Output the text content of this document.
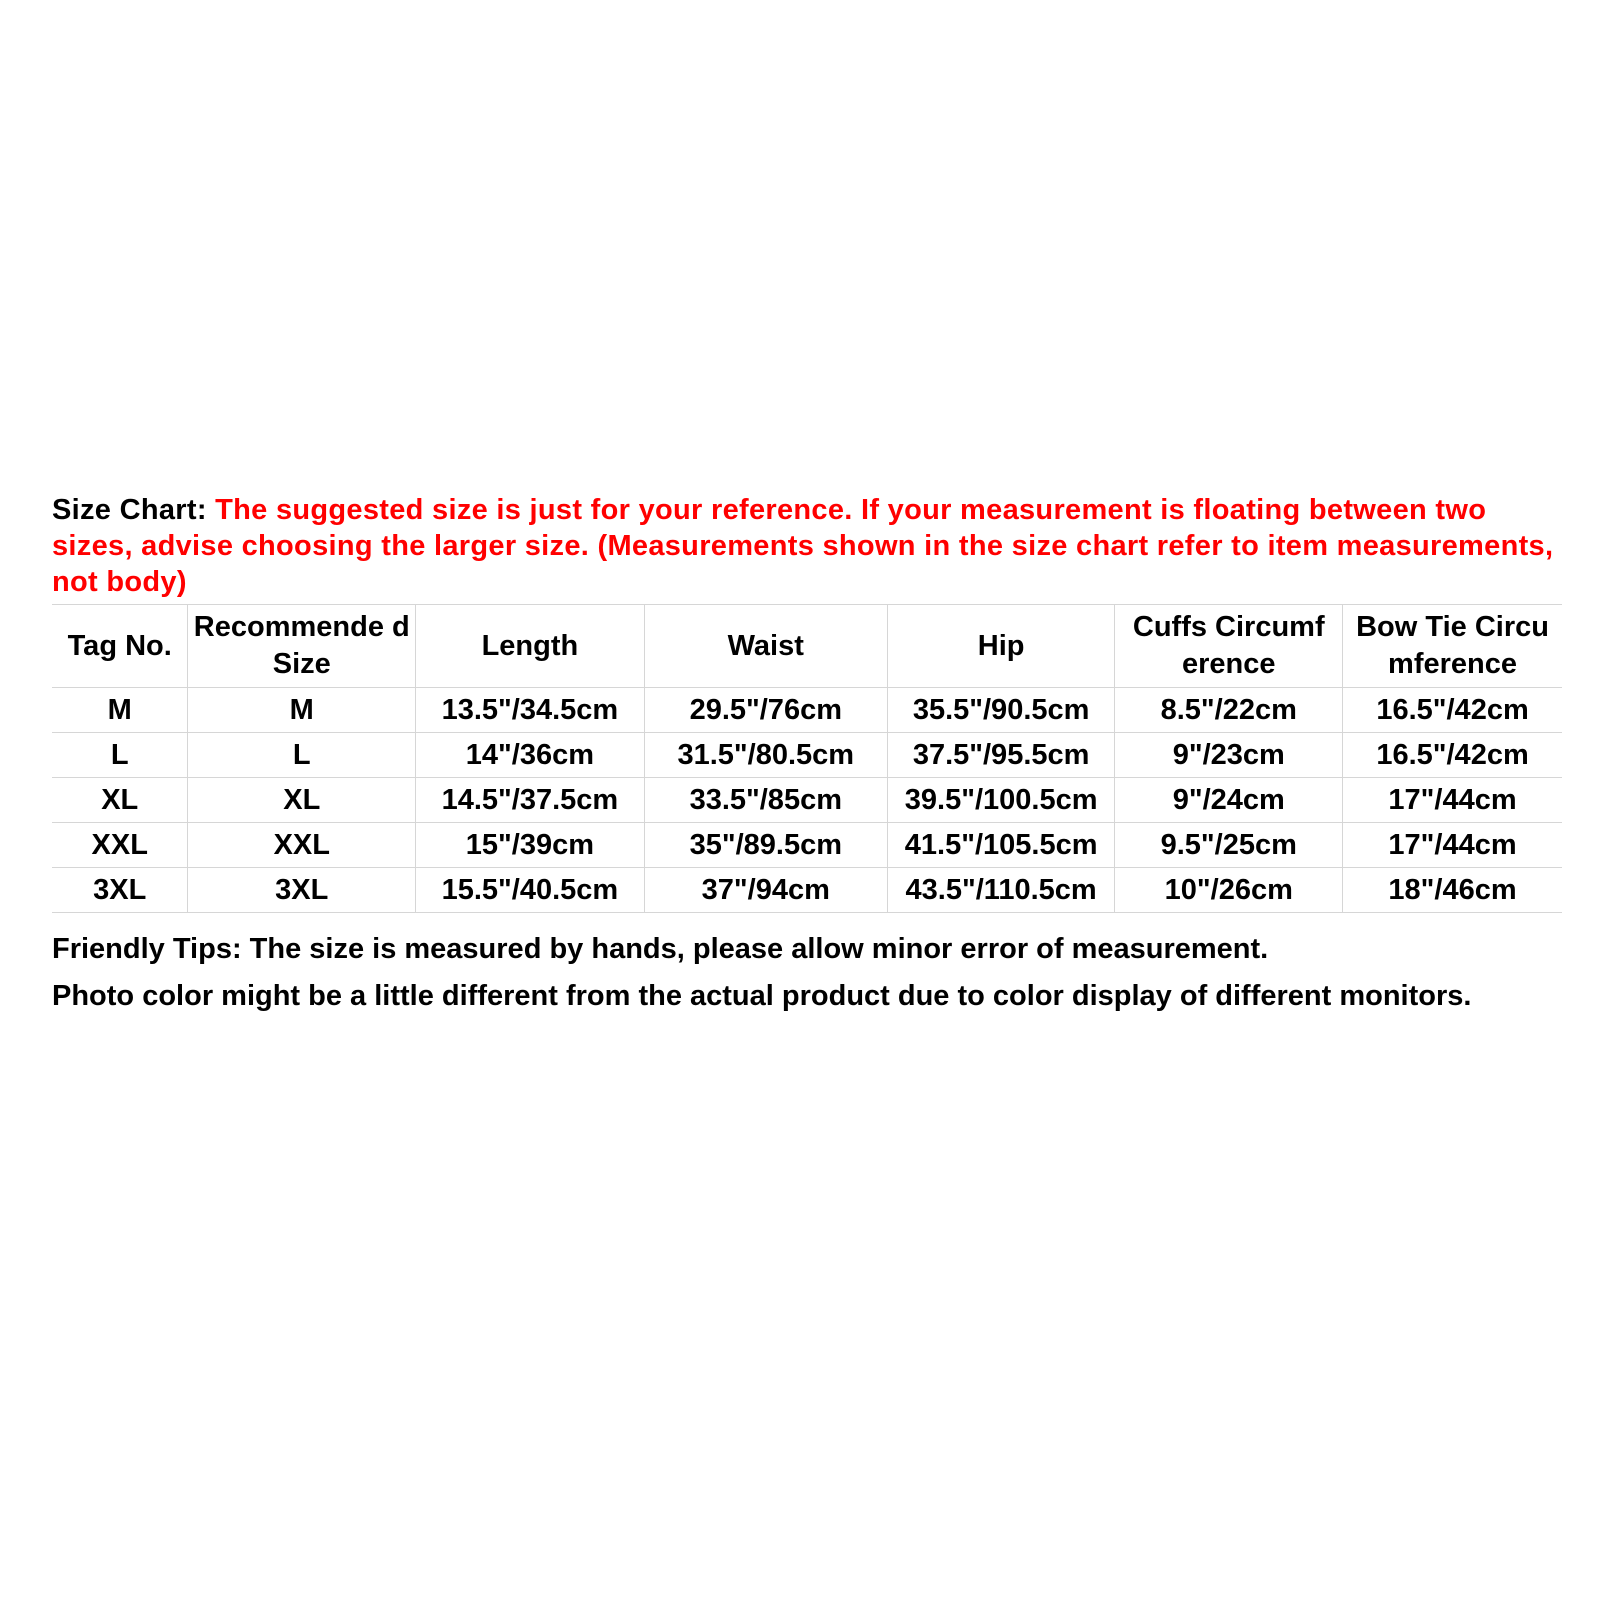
Size Chart: The suggested size is just for your reference. If your measurement is floating between two sizes, advise choosing the larger size. (Measurements shown in the size chart refer to item measurements, not body)

Tag No.	Recommende d Size	Length	Waist	Hip	Cuffs Circumf erence	Bow Tie Circu mference
M	M	13.5"/34.5cm	29.5"/76cm	35.5"/90.5cm	8.5"/22cm	16.5"/42cm
L	L	14"/36cm	31.5"/80.5cm	37.5"/95.5cm	9"/23cm	16.5"/42cm
XL	XL	14.5"/37.5cm	33.5"/85cm	39.5"/100.5cm	9"/24cm	17"/44cm
XXL	XXL	15"/39cm	35"/89.5cm	41.5"/105.5cm	9.5"/25cm	17"/44cm
3XL	3XL	15.5"/40.5cm	37"/94cm	43.5"/110.5cm	10"/26cm	18"/46cm

Friendly Tips: The size is measured by hands, please allow minor error of measurement.

Photo color might be a little different from the actual product due to color display of different monitors.
